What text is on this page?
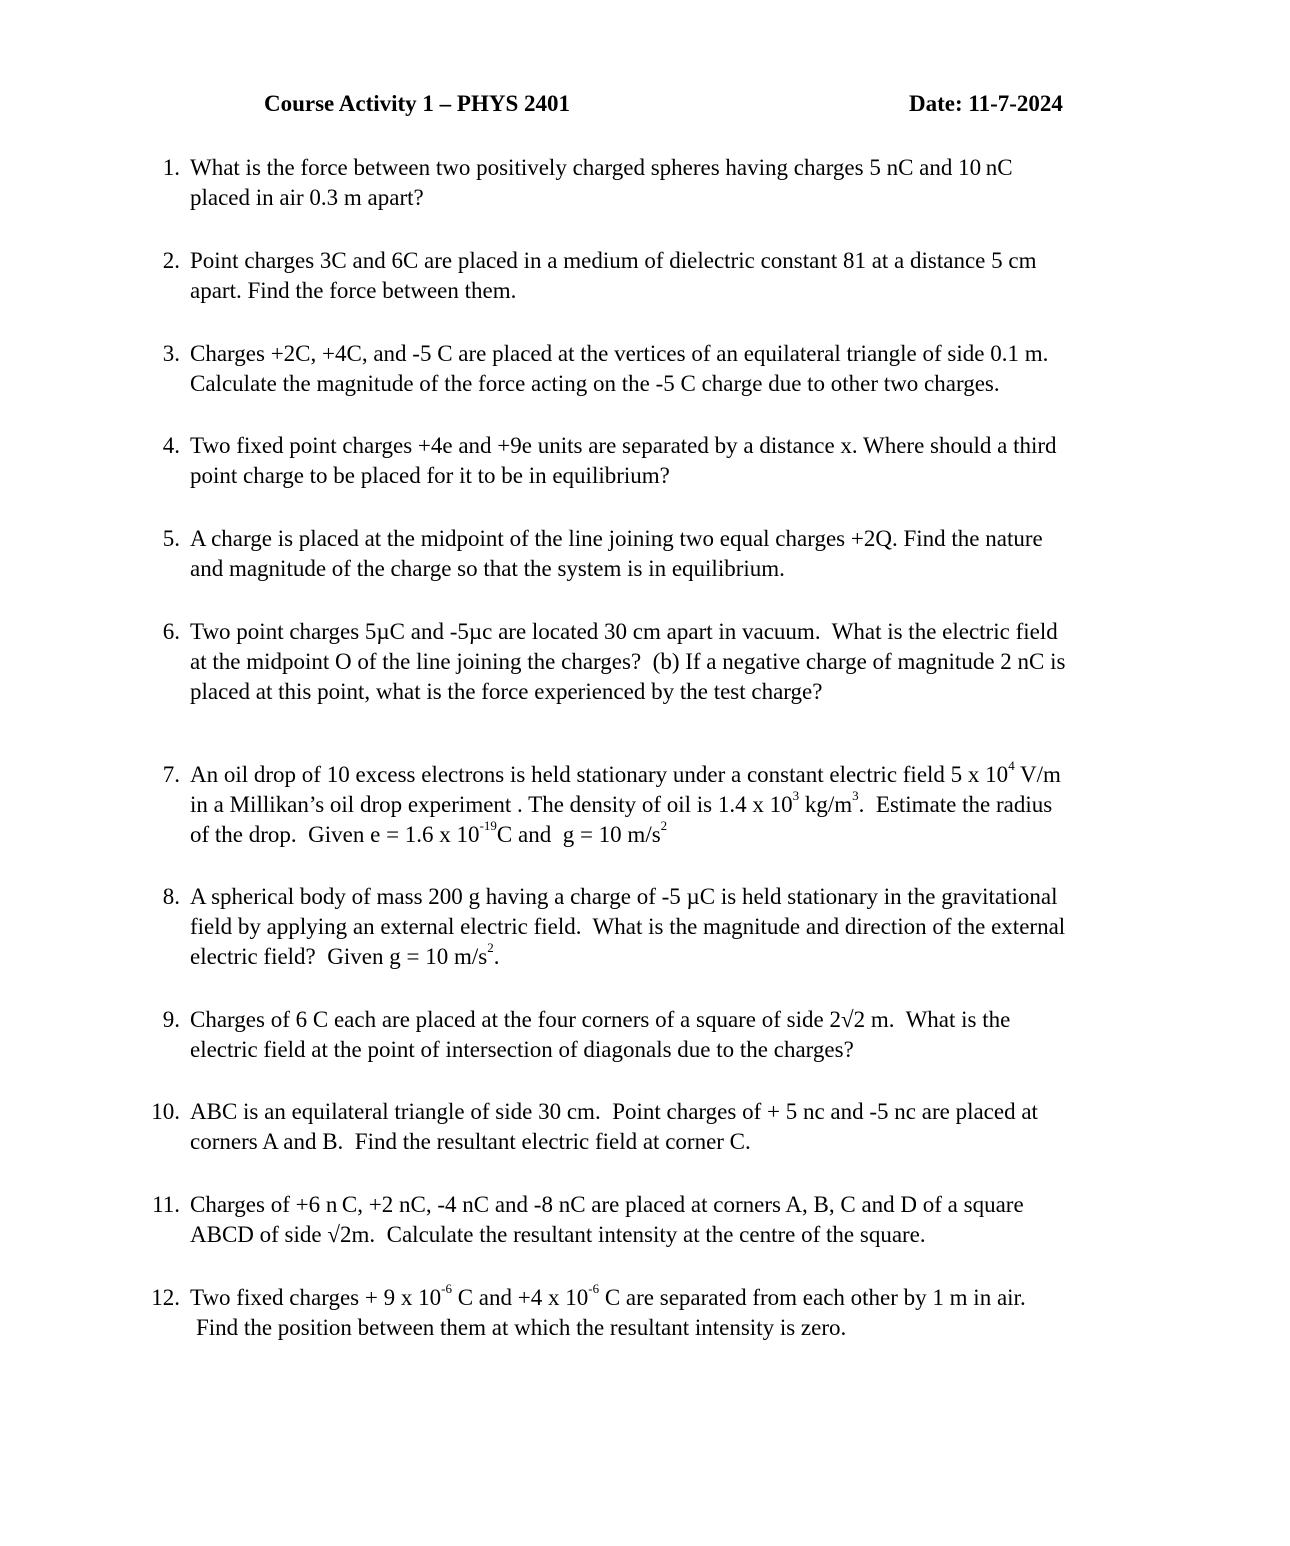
Course Activity 1 – PHYS 2401	Date: 11-7-2024
1. What is the force between two positively charged spheres having charges 5 nC and 10 nC
placed in air 0.3 m apart?
2. Point charges 3C and 6C are placed in a medium of dielectric constant 81 at a distance 5 cm
apart. Find the force between them.
3. Charges +2C, +4C, and -5 C are placed at the vertices of an equilateral triangle of side 0.1 m.
Calculate the magnitude of the force acting on the -5 C charge due to other two charges.
4. Two fixed point charges +4e and +9e units are separated by a distance x. Where should a third
point charge to be placed for it to be in equilibrium?
5. A charge is placed at the midpoint of the line joining two equal charges +2Q. Find the nature
and magnitude of the charge so that the system is in equilibrium.
6. Two point charges 5µC and -5µc are located 30 cm apart in vacuum.  What is the electric field
at the midpoint O of the line joining the charges?  (b) If a negative charge of magnitude 2 nC is
placed at this point, what is the force experienced by the test charge?
7. An oil drop of 10 excess electrons is held stationary under a constant electric field 5 x $10^4$ V/m
in a Millikan’s oil drop experiment . The density of oil is 1.4 x $10^3$ $kg/m^3$.  Estimate the radius
of the drop.  Given e = 1.6 x $10^{-19}C$ and  g = 10 $m/s^2$
8. A spherical body of mass 200 g having a charge of -5 µC is held stationary in the gravitational
field by applying an external electric field.  What is the magnitude and direction of the external
electric field?  Given g = 10 $m/s^2$.
9. Charges of 6 C each are placed at the four corners of a square of side 2√2 m.  What is the
electric field at the point of intersection of diagonals due to the charges?
10. ABC is an equilateral triangle of side 30 cm.  Point charges of + 5 nc and -5 nc are placed at
corners A and B.  Find the resultant electric field at corner C.
11. Charges of +6 n C, +2 nC, -4 nC and -8 nC are placed at corners A, B, C and D of a square
ABCD of side √2m.  Calculate the resultant intensity at the centre of the square.
12. Two fixed charges + 9 x $10^{-6}$ C and +4 x $10^{-6}$ C are separated from each other by 1 m in air.
Find the position between them at which the resultant intensity is zero.
